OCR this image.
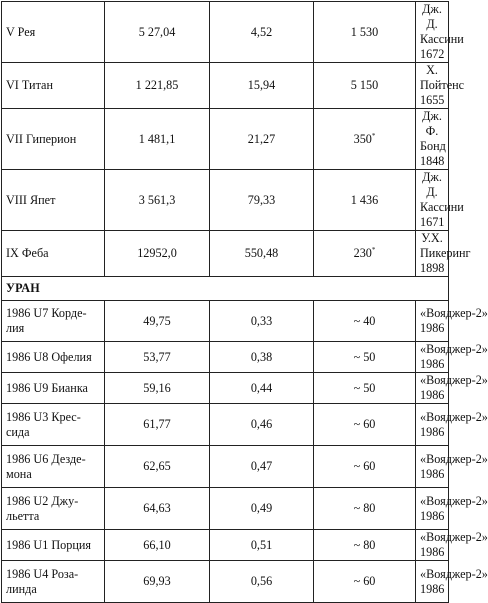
V Рея	5 27,04	4,52	1 530	Дж. Д. Кассини 1672
VI Титан	1 221,85	15,94	5 150	Х. Пойтенс 1655
VII Гиперион	1 481,1	21,27	350*	Дж. Ф. Бонд 1848
VIII Япет	3 561,3	79,33	1 436	Дж. Д. Кассини 1671
IX Феба	12952,0	550,48	230*	У.Х. Пикеринг 1898
УРАН				
1986 U7 Корде-лия	49,75	0,33	~ 40	«Вояджер-2» 1986
1986 U8 Офелия	53,77	0,38	~ 50	«Вояджер-2» 1986
1986 U9 Бианка	59,16	0,44	~ 50	«Вояджер-2» 1986
1986 U3 Крес-сида	61,77	0,46	~ 60	«Вояджер-2» 1986
1986 U6 Дезде-мона	62,65	0,47	~ 60	«Вояджер-2» 1986
1986 U2 Джу-льетта	64,63	0,49	~ 80	«Вояджер-2» 1986
1986 U1 Порция	66,10	0,51	~ 80	«Вояджер-2» 1986
1986 U4 Роза-линда	69,93	0,56	~ 60	«Вояджер-2» 1986
